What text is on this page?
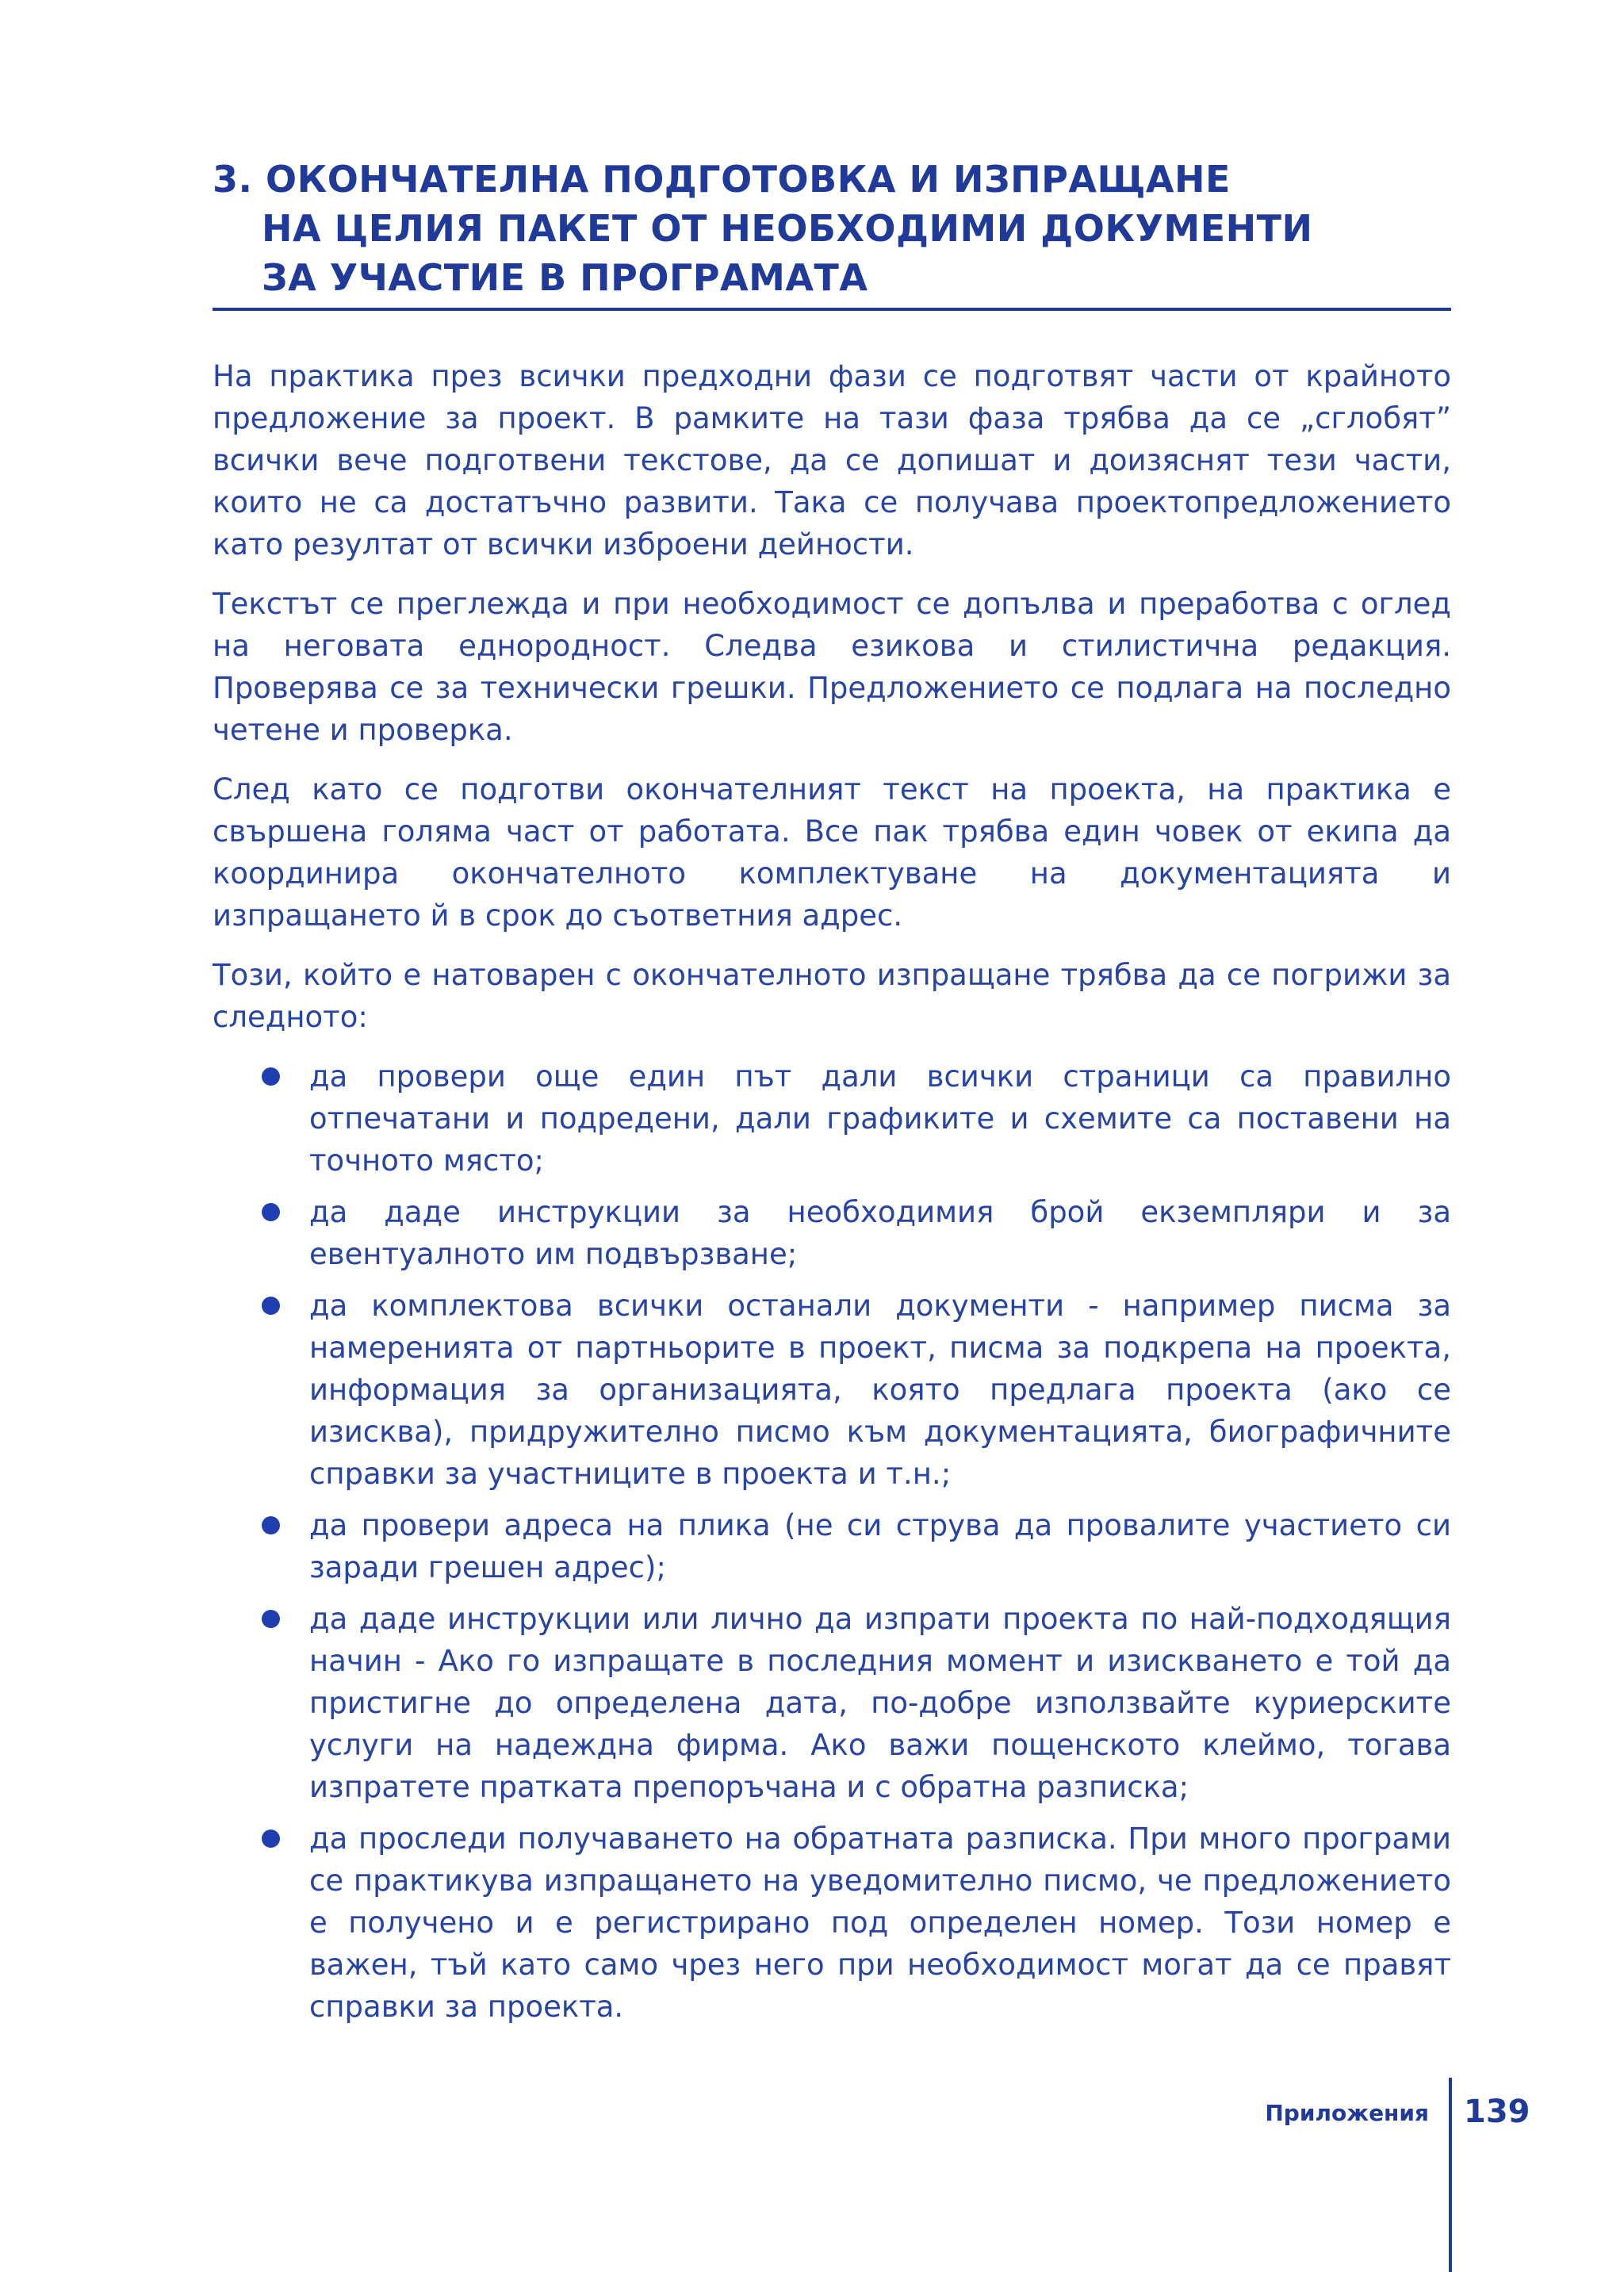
3. ОКОНЧАТЕЛНА ПОДГОТОВКА И ИЗПРАЩАНЕ
НА ЦЕЛИЯ ПАКЕТ ОТ НЕОБХОДИМИ ДОКУМЕНТИ
ЗА УЧАСТИЕ В ПРОГРАМАТА

На практика през всички предходни фази се подготвят части от крайното предложение за проект. В рамките на тази фаза трябва да се „сглобят” всички вече подготвени текстове, да се допишат и доизяснят тези части, които не са достатъчно развити. Така се получава проектопредложението като резултат от всички изброени дейности.

Текстът се преглежда и при необходимост се допълва и преработва с оглед на неговата еднородност. Следва езикова и стилистична редакция. Проверява се за технически грешки. Предложението се подлага на последно четене и проверка.

След като се подготви окончателният текст на проекта, на практика е свършена голяма част от работата. Все пак трябва един човек от екипа да координира окончателното комплектуване на документацията и изпращането й в срок до съответния адрес.

Този, който е натоварен с окончателното изпращане трябва да се погрижи за следното:

да провери още един път дали всички страници са правилно отпечатани и подредени, дали графиките и схемите са поставени на точното място;
да даде инструкции за необходимия брой екземпляри и за евентуалното им подвързване;
да комплектова всички останали документи - например писма за намеренията от партньорите в проект, писма за подкрепа на проекта, информация за организацията, която предлага проекта (ако се изисква), придружително писмо към документацията, биографичните справки за участниците в проекта и т.н.;
да провери адреса на плика (не си струва да провалите участието си заради грешен адрес);
да даде инструкции или лично да изпрати проекта по най-подходящия начин - Ако го изпращате в последния момент и изискването е той да пристигне до определена дата, по-добре използвайте куриерските услуги на надеждна фирма. Ако важи пощенското клеймо, тогава изпратете пратката препоръчана и с обратна разписка;
да проследи получаването на обратната разписка. При много програми се практикува изпращането на уведомително писмо, че предложението е получено и е регистрирано под определен номер. Този номер е важен, тъй като само чрез него при необходимост могат да се правят справки за проекта.
Приложения 139
